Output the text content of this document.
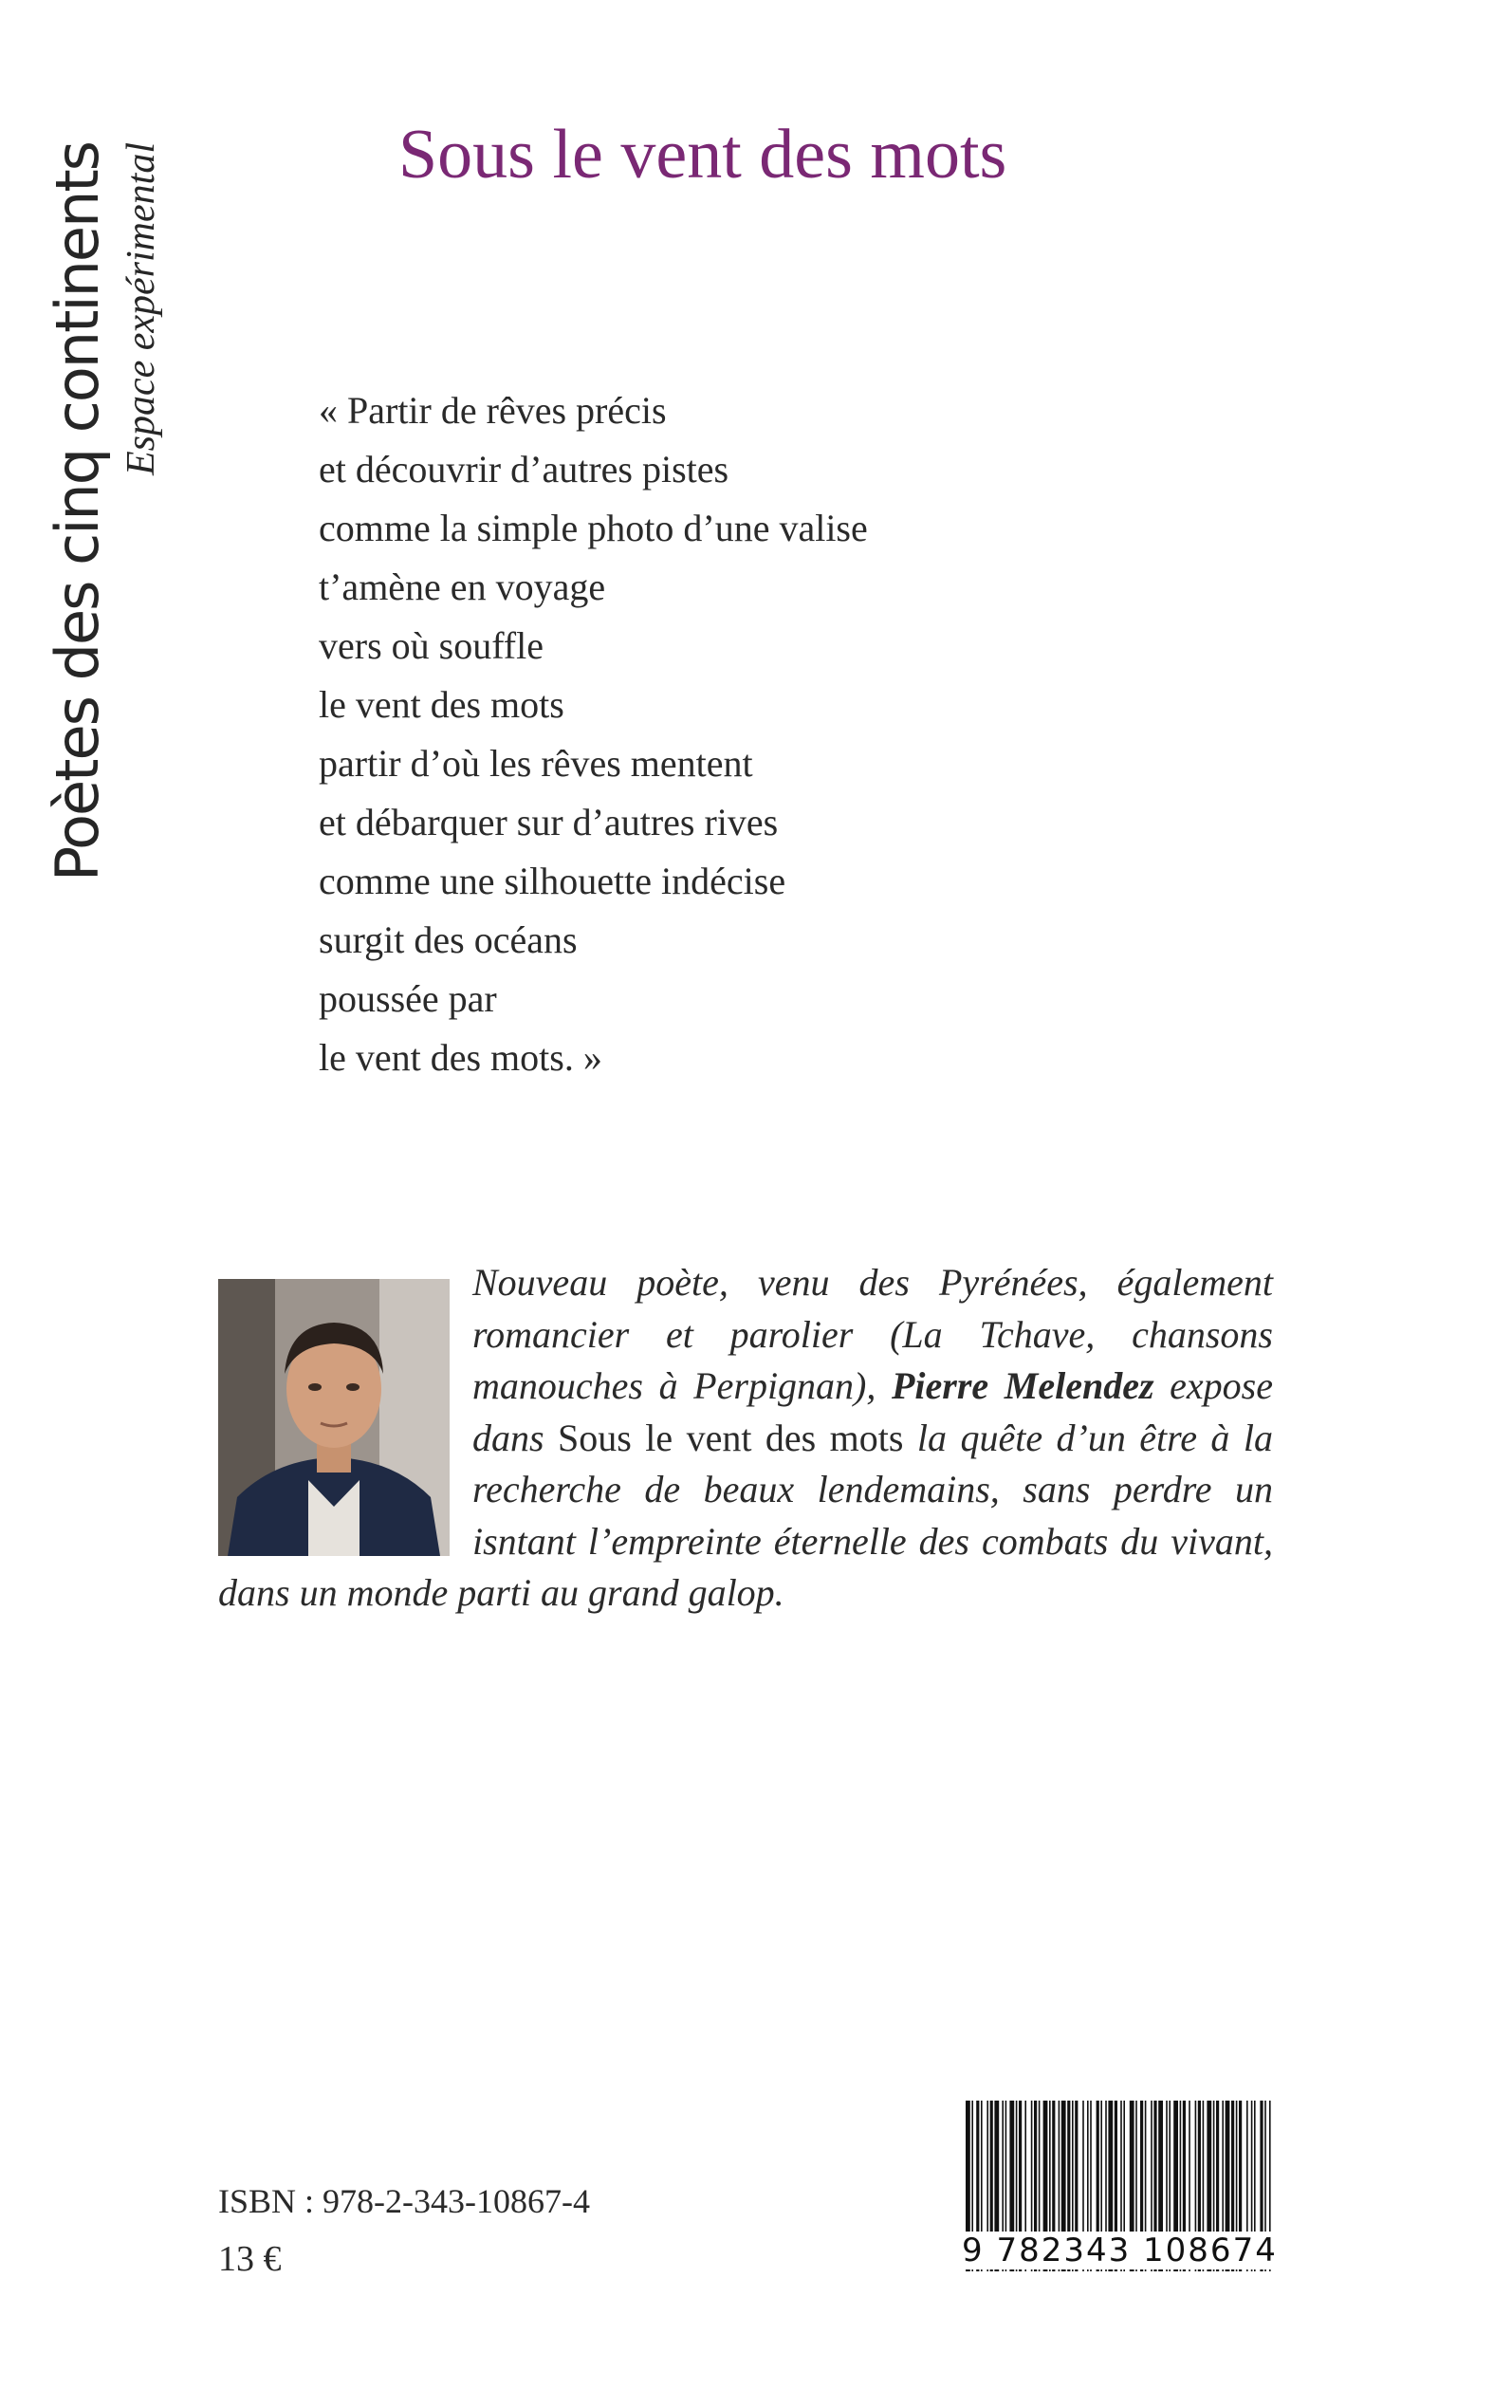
Poètes des cinq continents Espace expérimental	Sous le vent des mots
« Partir de rêves précis
et découvrir d’autres pistes
comme la simple photo d’une valise
t’amène en voyage
vers où souffle
le vent des mots
partir d’où les rêves mentent
et débarquer sur d’autres rives
comme une silhouette indécise
surgit des océans
poussée par
le vent des mots. »
Nouveau poète, venu des Pyrénées, également romancier et parolier (La Tchave, chansons manouches à Perpignan), Pierre Melendez expose dans Sous le vent des mots la quête d’un être à la recherche de beaux lendemains, sans perdre un isntant l’empreinte éternelle des combats du vivant, dans un monde parti au grand galop.
ISBN : 978-2-343-10867-4
13 €	9 782343 108674
